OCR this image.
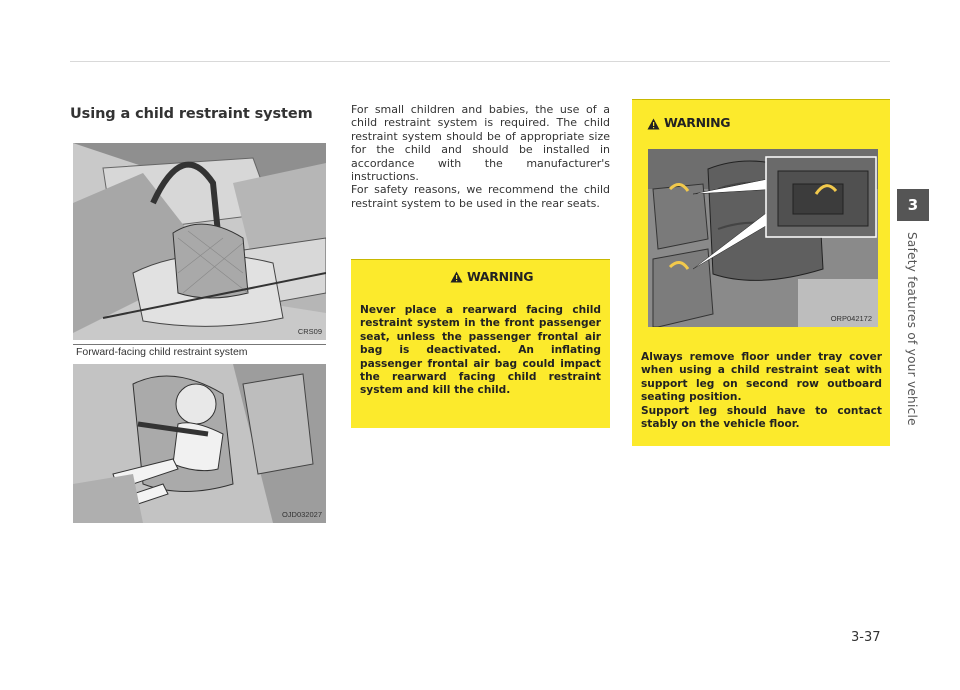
Using a child restraint system
CRS09
Forward-facing child restraint system
OJD032027

For small children and babies, the use of a child restraint system is required. The child restraint system should be of appropriate size for the child and should be installed in accordance with the manufacturer's instructions.

For safety reasons, we recommend the child restraint system to be used in the rear seats.

WARNING

Never place a rearward facing child restraint system in the front passenger seat, unless the passenger frontal air bag is deactivated. An inflating passenger frontal air bag could impact the rearward facing child restraint system and kill the child.

WARNING

Always remove floor under tray cover when using a child restraint seat with support leg on second row outboard seating position.

Support leg should have to contact stably on the vehicle floor.

ORP042172
3
Safety features of your vehicle
3-37
